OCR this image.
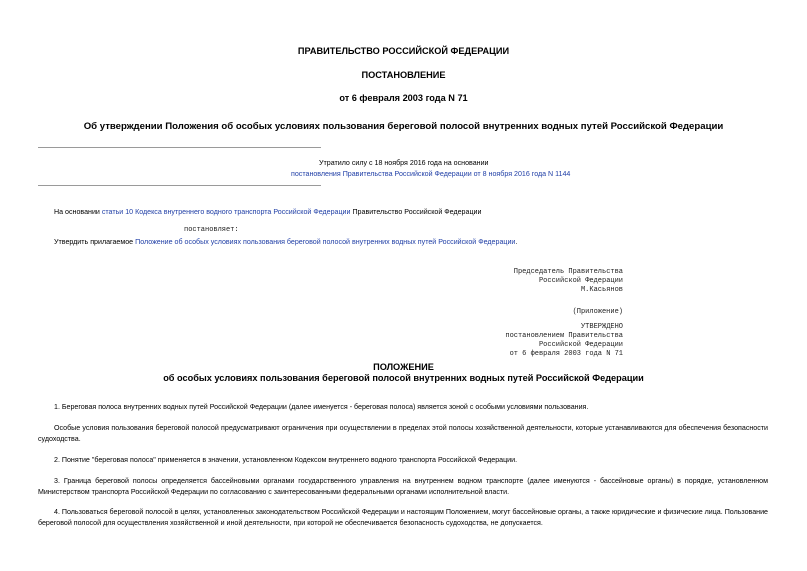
ПРАВИТЕЛЬСТВО РОССИЙСКОЙ ФЕДЕРАЦИИ
ПОСТАНОВЛЕНИЕ
от 6 февраля 2003 года N 71
Об утверждении Положения об особых условиях пользования береговой полосой внутренних водных путей Российской Федерации
Утратило силу с 18 ноября 2016 года на основании
постановления Правительства Российской Федерации от 8 ноября 2016 года N 1144
На основании статьи 10 Кодекса внутреннего водного транспорта Российской Федерации Правительство Российской Федерации
постановляет:
Утвердить прилагаемое Положение об особых условиях пользования береговой полосой внутренних водных путей Российской Федерации.
Председатель Правительства
Российской Федерации
М.Касьянов
(Приложение)
УТВЕРЖДЕНО
постановлением Правительства
Российской Федерации
от 6 февраля 2003 года N 71
ПОЛОЖЕНИЕ
об особых условиях пользования береговой полосой внутренних водных путей Российской Федерации
1. Береговая полоса внутренних водных путей Российской Федерации (далее именуется - береговая полоса) является зоной с особыми условиями пользования.
Особые условия пользования береговой полосой предусматривают ограничения при осуществлении в пределах этой полосы хозяйственной деятельности, которые устанавливаются для обеспечения безопасности судоходства.
2. Понятие "береговая полоса" применяется в значении, установленном Кодексом внутреннего водного транспорта Российской Федерации.
3. Граница береговой полосы определяется бассейновыми органами государственного управления на внутреннем водном транспорте (далее именуются - бассейновые органы) в порядке, установленном Министерством транспорта Российской Федерации по согласованию с заинтересованными федеральными органами исполнительной власти.
4. Пользоваться береговой полосой в целях, установленных законодательством Российской Федерации и настоящим Положением, могут бассейновые органы, а также юридические и физические лица. Пользование береговой полосой для осуществления хозяйственной и иной деятельности, при которой не обеспечивается безопасность судоходства, не допускается.
